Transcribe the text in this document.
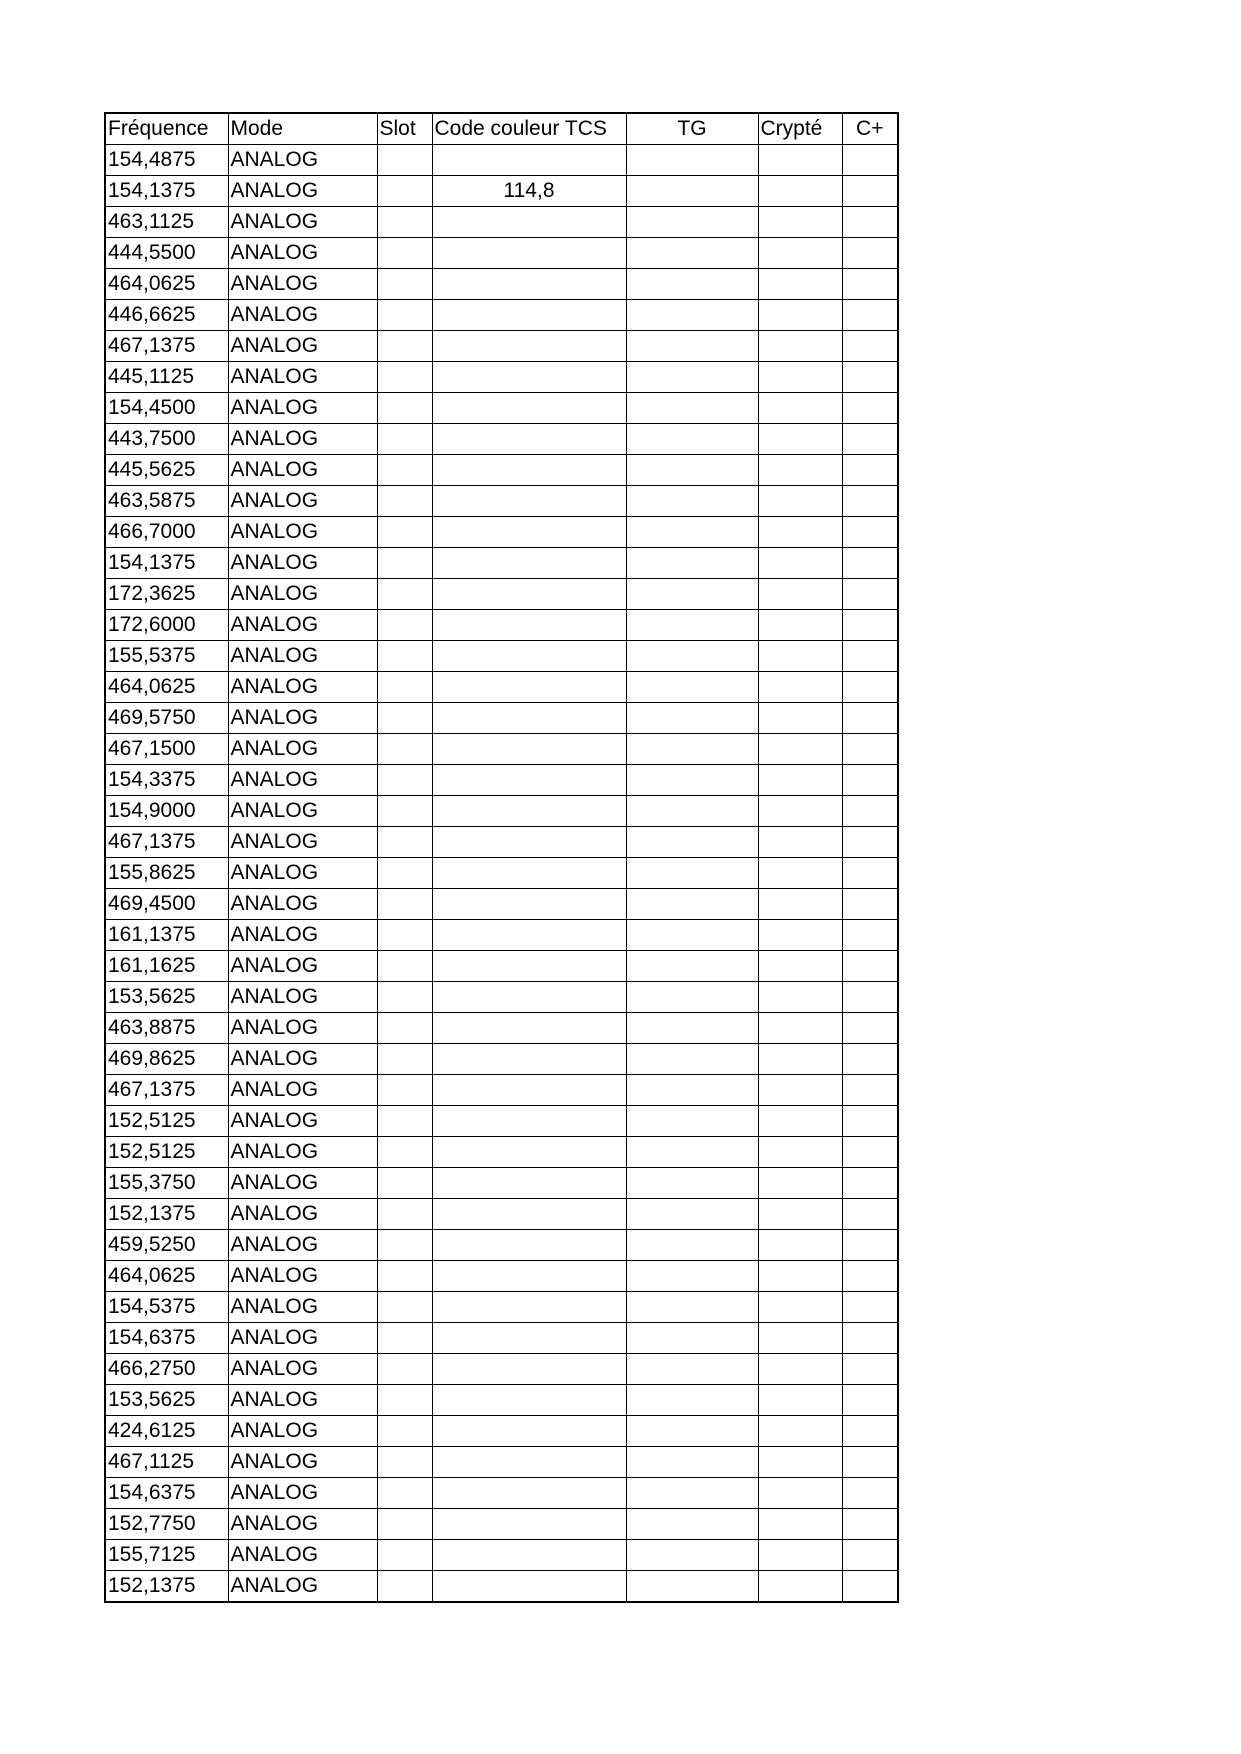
Fréquence	Mode	Slot	Code couleur TCS	TG	Crypté	C+
154,4875	ANALOG					
154,1375	ANALOG		114,8			
463,1125	ANALOG					
444,5500	ANALOG					
464,0625	ANALOG					
446,6625	ANALOG					
467,1375	ANALOG					
445,1125	ANALOG					
154,4500	ANALOG					
443,7500	ANALOG					
445,5625	ANALOG					
463,5875	ANALOG					
466,7000	ANALOG					
154,1375	ANALOG					
172,3625	ANALOG					
172,6000	ANALOG					
155,5375	ANALOG					
464,0625	ANALOG					
469,5750	ANALOG					
467,1500	ANALOG					
154,3375	ANALOG					
154,9000	ANALOG					
467,1375	ANALOG					
155,8625	ANALOG					
469,4500	ANALOG					
161,1375	ANALOG					
161,1625	ANALOG					
153,5625	ANALOG					
463,8875	ANALOG					
469,8625	ANALOG					
467,1375	ANALOG					
152,5125	ANALOG					
152,5125	ANALOG					
155,3750	ANALOG					
152,1375	ANALOG					
459,5250	ANALOG					
464,0625	ANALOG					
154,5375	ANALOG					
154,6375	ANALOG					
466,2750	ANALOG					
153,5625	ANALOG					
424,6125	ANALOG					
467,1125	ANALOG					
154,6375	ANALOG					
152,7750	ANALOG					
155,7125	ANALOG					
152,1375	ANALOG					
